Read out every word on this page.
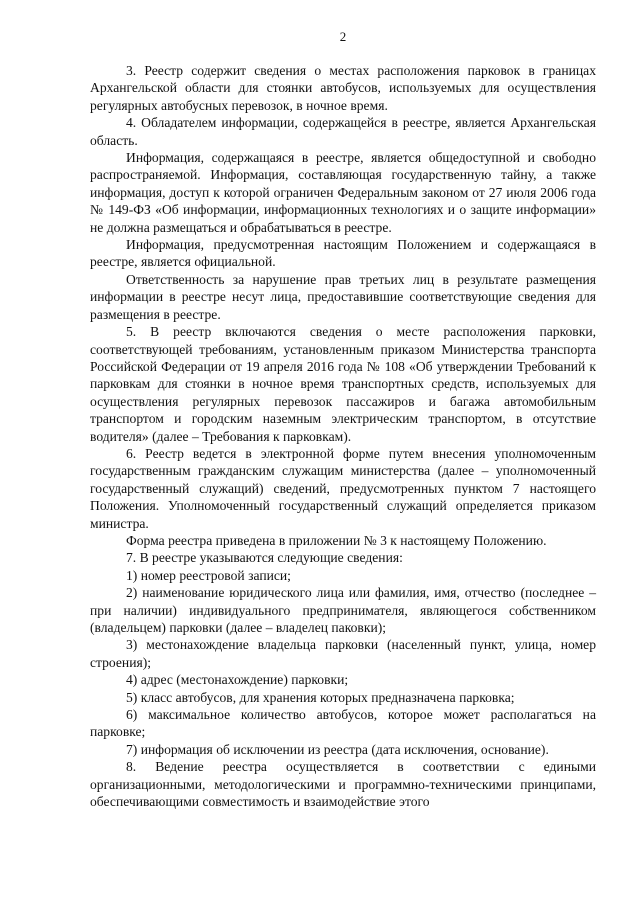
2

3. Реестр содержит сведения о местах расположения парковок в границах Архангельской области для стоянки автобусов, используемых для осуществления регулярных автобусных перевозок, в ночное время.

4. Обладателем информации, содержащейся в реестре, является Архангельская область.

Информация, содержащаяся в реестре, является общедоступной и свободно распространяемой. Информация, составляющая государственную тайну, а также информация, доступ к которой ограничен Федеральным законом от 27 июля 2006 года № 149-ФЗ «Об информации, информационных технологиях и о защите информации» не должна размещаться и обрабатываться в реестре.

Информация, предусмотренная настоящим Положением и содержащаяся в реестре, является официальной.

Ответственность за нарушение прав третьих лиц в результате размещения информации в реестре несут лица, предоставившие соответствующие сведения для размещения в реестре.

5. В реестр включаются сведения о месте расположения парковки, соответствующей требованиям, установленным приказом Министерства транспорта Российской Федерации от 19 апреля 2016 года № 108 «Об утверждении Требований к парковкам для стоянки в ночное время транспортных средств, используемых для осуществления регулярных перевозок пассажиров и багажа автомобильным транспортом и городским наземным электрическим транспортом, в отсутствие водителя» (далее – Требования к парковкам).

6. Реестр ведется в электронной форме путем внесения уполномоченным государственным гражданским служащим министерства (далее – уполномоченный государственный служащий) сведений, предусмотренных пунктом 7 настоящего Положения. Уполномоченный государственный служащий определяется приказом министра.

Форма реестра приведена в приложении № 3 к настоящему Положению.

7. В реестре указываются следующие сведения:

1) номер реестровой записи;

2) наименование юридического лица или фамилия, имя, отчество (последнее – при наличии) индивидуального предпринимателя, являющегося собственником (владельцем) парковки (далее – владелец паковки);

3) местонахождение владельца парковки (населенный пункт, улица, номер строения);

4) адрес (местонахождение) парковки;

5) класс автобусов, для хранения которых предназначена парковка;

6) максимальное количество автобусов, которое может располагаться на парковке;

7) информация об исключении из реестра (дата исключения, основание).

8. Ведение реестра осуществляется в соответствии с едиными организационными, методологическими и программно-техническими принципами, обеспечивающими совместимость и взаимодействие этого
